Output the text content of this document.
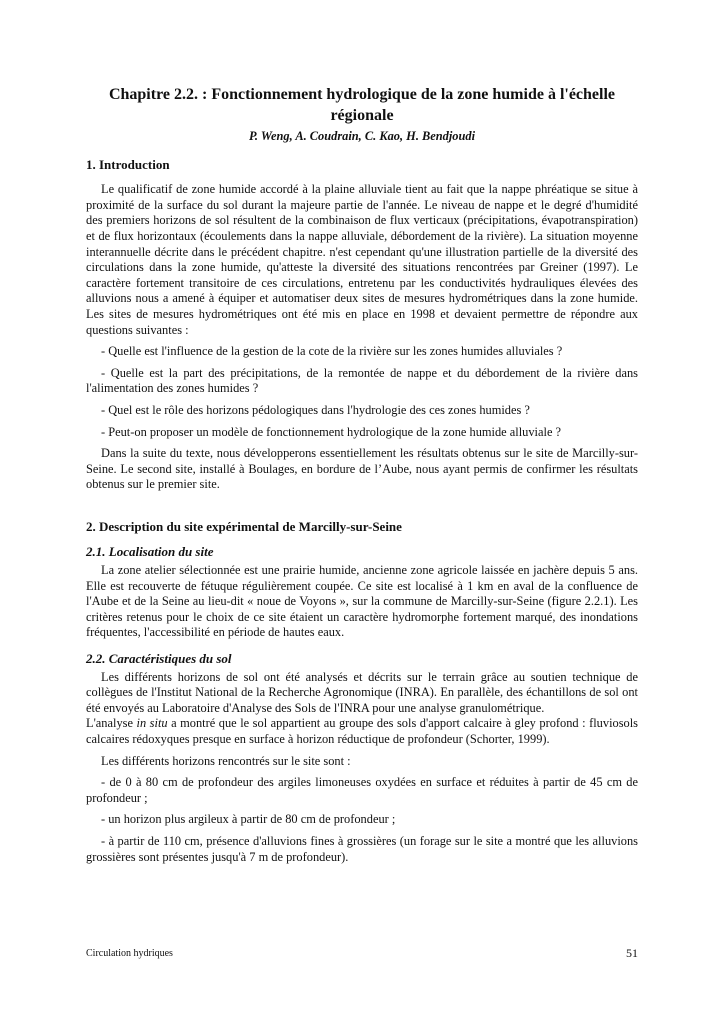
Chapitre 2.2. : Fonctionnement hydrologique de la zone humide à l'échelle régionale
P. Weng, A. Coudrain, C. Kao, H. Bendjoudi
1. Introduction

Le qualificatif de zone humide accordé à la plaine alluviale tient au fait que la nappe phréatique se situe à proximité de la surface du sol durant la majeure partie de l'année. Le niveau de nappe et le degré d'humidité des premiers horizons de sol résultent de la combinaison de flux verticaux (précipitations, évapotranspiration) et de flux horizontaux (écoulements dans la nappe alluviale, débordement de la rivière). La situation moyenne interannuelle décrite dans le précédent chapitre. n'est cependant qu'une illustration partielle de la diversité des circulations dans la zone humide, qu'atteste la diversité des situations rencontrées par Greiner (1997). Le caractère fortement transitoire de ces circulations, entretenu par les conductivités hydrauliques élevées des alluvions nous a amené à équiper et automatiser deux sites de mesures hydrométriques dans la zone humide. Les sites de mesures hydrométriques ont été mis en place en 1998 et devaient permettre de répondre aux questions suivantes :

- Quelle est l'influence de la gestion de la cote de la rivière sur les zones humides alluviales ?

- Quelle est la part des précipitations, de la remontée de nappe et du débordement de la rivière dans l'alimentation des zones humides ?

- Quel est le rôle des horizons pédologiques dans l'hydrologie des ces zones humides ?

- Peut-on proposer un modèle de fonctionnement hydrologique de la zone humide alluviale ?

Dans la suite du texte, nous développerons essentiellement les résultats obtenus sur le site de Marcilly-sur-Seine. Le second site, installé à Boulages, en bordure de l’Aube, nous ayant permis de confirmer les résultats obtenus sur le premier site.

2. Description du site expérimental de Marcilly-sur-Seine
2.1. Localisation du site

La zone atelier sélectionnée est une prairie humide, ancienne zone agricole laissée en jachère depuis 5 ans. Elle est recouverte de fétuque régulièrement coupée. Ce site est localisé à 1 km en aval de la confluence de l'Aube et de la Seine au lieu-dit « noue de Voyons », sur la commune de Marcilly-sur-Seine (figure 2.2.1). Les critères retenus pour le choix de ce site étaient un caractère hydromorphe fortement marqué, des inondations fréquentes, l'accessibilité en période de hautes eaux.

2.2. Caractéristiques du sol

Les différents horizons de sol ont été analysés et décrits sur le terrain grâce au soutien technique de collègues de l'Institut National de la Recherche Agronomique (INRA). En parallèle, des échantillons de sol ont été envoyés au Laboratoire d'Analyse des Sols de l'INRA pour une analyse granulométrique.
L'analyse in situ a montré que le sol appartient au groupe des sols d'apport calcaire à gley profond : fluviosols calcaires rédoxyques presque en surface à horizon réductique de profondeur (Schorter, 1999).

Les différents horizons rencontrés sur le site sont :

- de 0 à 80 cm de profondeur des argiles limoneuses oxydées en surface et réduites à partir de 45 cm de profondeur ;

- un horizon plus argileux à partir de 80 cm de profondeur ;

- à partir de 110 cm, présence d'alluvions fines à grossières (un forage sur le site a montré que les alluvions grossières sont présentes jusqu'à 7 m de profondeur).

Circulation hydriques	51
